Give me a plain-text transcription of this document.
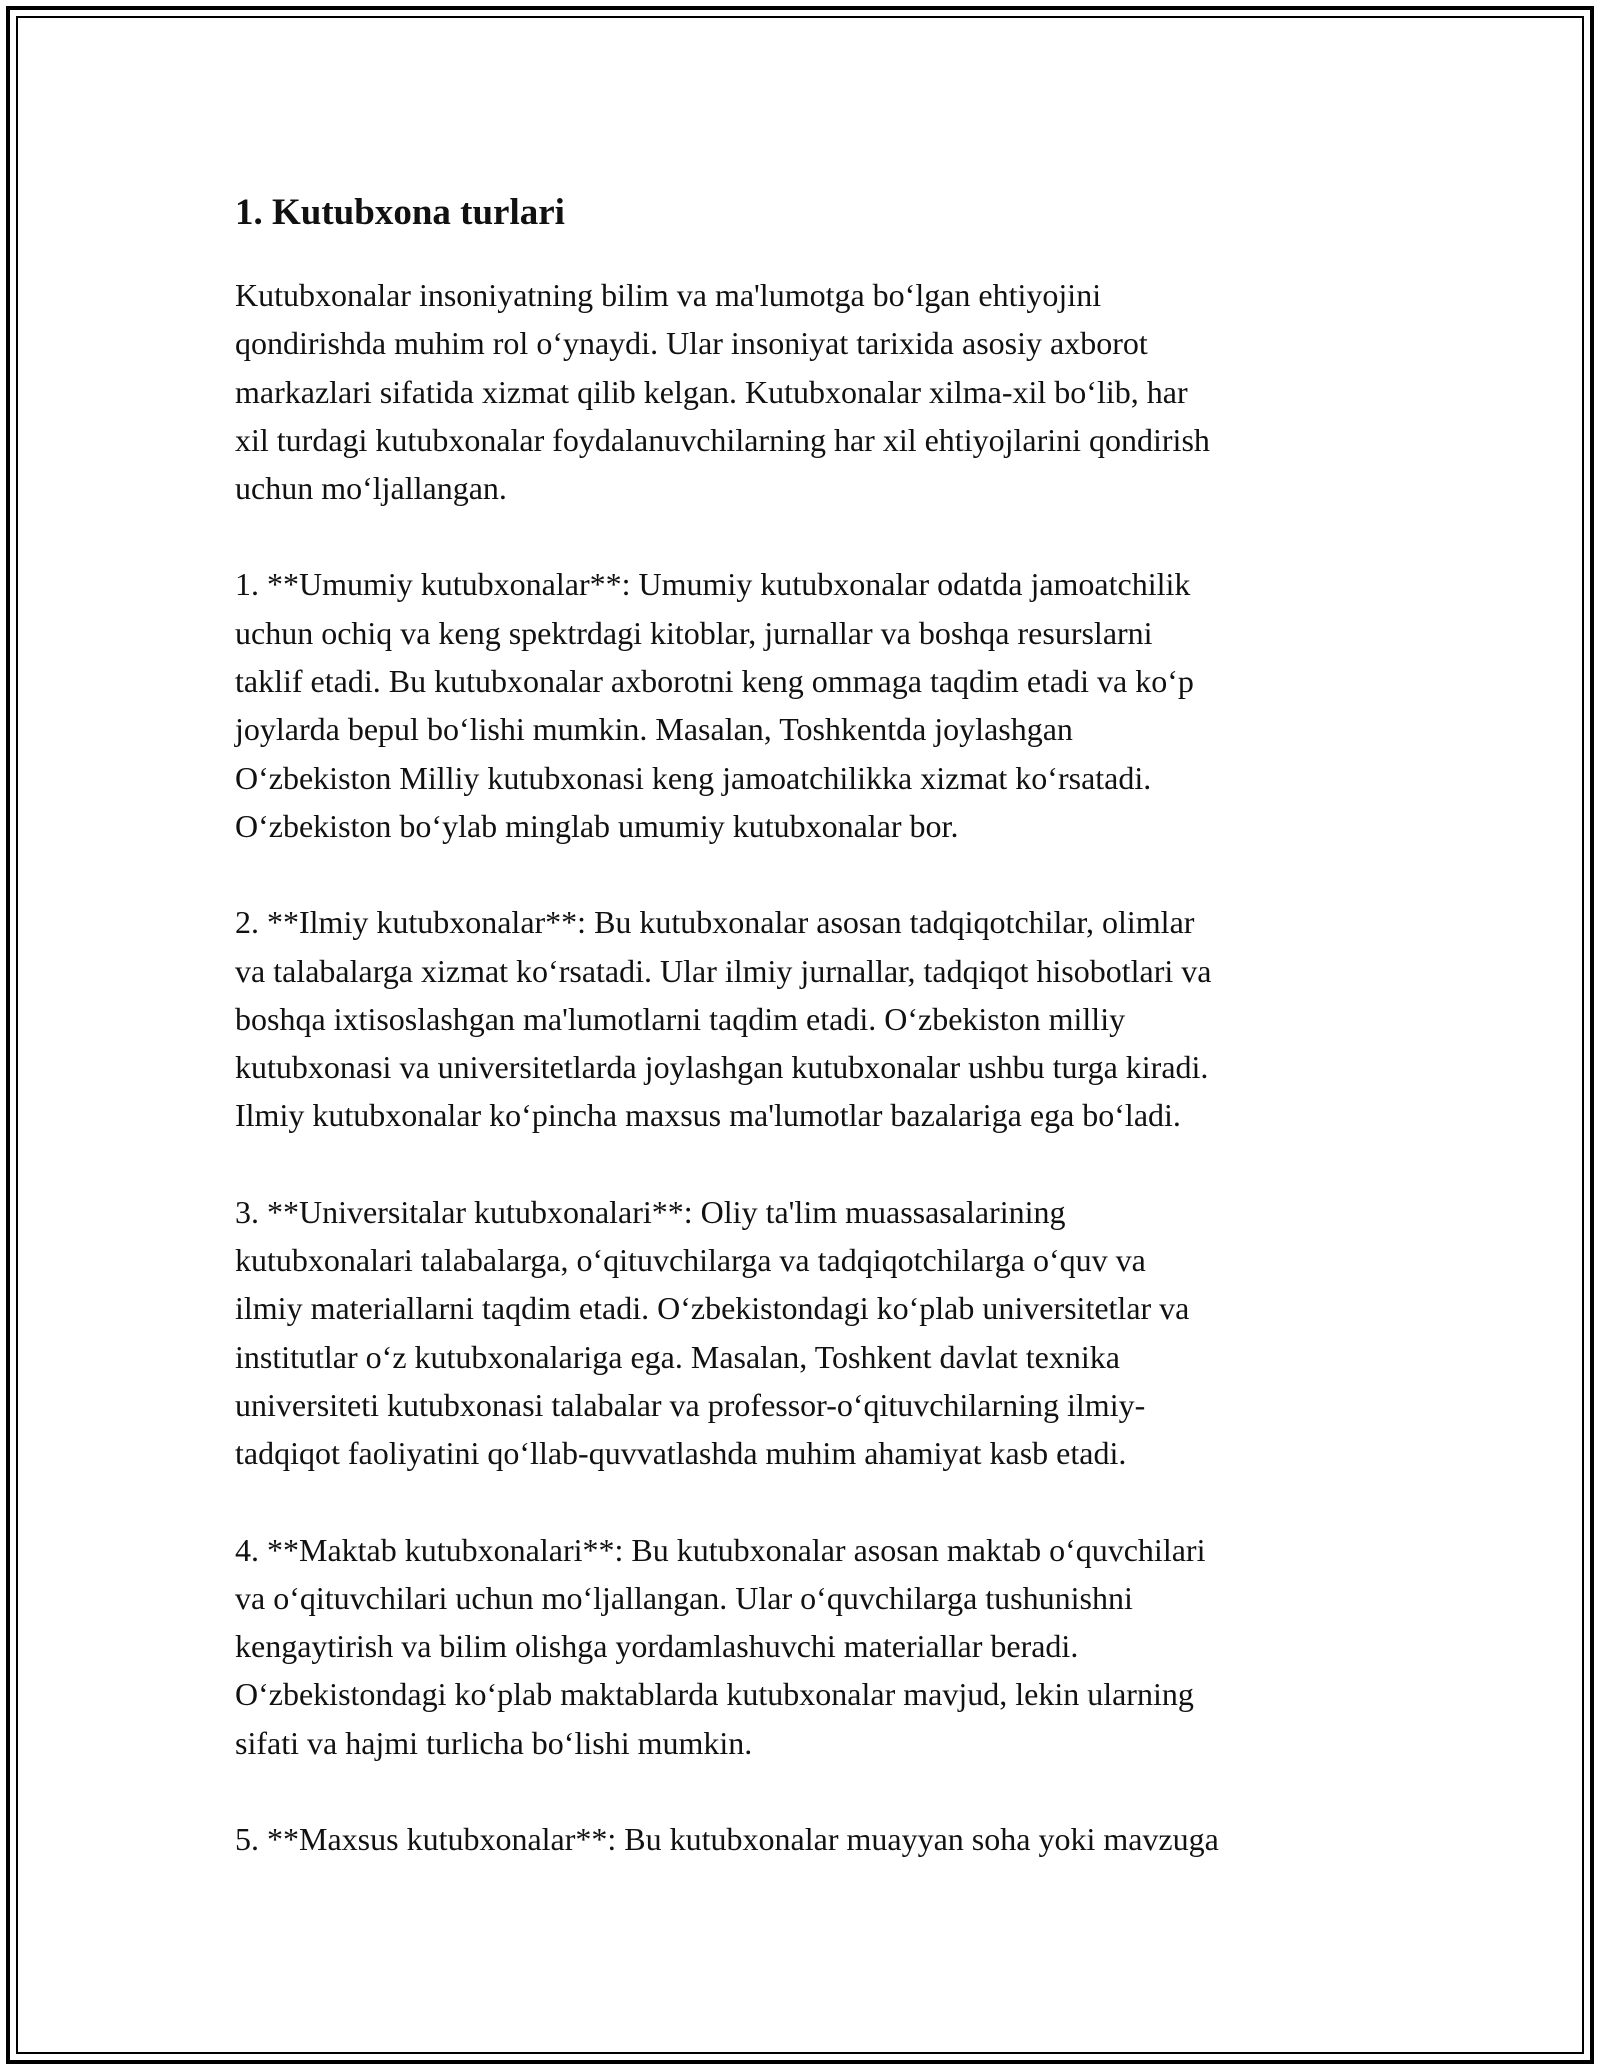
1. Kutubxona turlari

Kutubxonalar insoniyatning bilim va ma'lumotga bo‘lgan ehtiyojini
qondirishda muhim rol o‘ynaydi. Ular insoniyat tarixida asosiy axborot
markazlari sifatida xizmat qilib kelgan. Kutubxonalar xilma-xil bo‘lib, har
xil turdagi kutubxonalar foydalanuvchilarning har xil ehtiyojlarini qondirish
uchun mo‘ljallangan.

1. **Umumiy kutubxonalar**: Umumiy kutubxonalar odatda jamoatchilik
uchun ochiq va keng spektrdagi kitoblar, jurnallar va boshqa resurslarni
taklif etadi. Bu kutubxonalar axborotni keng ommaga taqdim etadi va ko‘p
joylarda bepul bo‘lishi mumkin. Masalan, Toshkentda joylashgan
O‘zbekiston Milliy kutubxonasi keng jamoatchilikka xizmat ko‘rsatadi.
O‘zbekiston bo‘ylab minglab umumiy kutubxonalar bor.

2. **Ilmiy kutubxonalar**: Bu kutubxonalar asosan tadqiqotchilar, olimlar
va talabalarga xizmat ko‘rsatadi. Ular ilmiy jurnallar, tadqiqot hisobotlari va
boshqa ixtisoslashgan ma'lumotlarni taqdim etadi. O‘zbekiston milliy
kutubxonasi va universitetlarda joylashgan kutubxonalar ushbu turga kiradi.
Ilmiy kutubxonalar ko‘pincha maxsus ma'lumotlar bazalariga ega bo‘ladi.

3. **Universitalar kutubxonalari**: Oliy ta'lim muassasalarining
kutubxonalari talabalarga, o‘qituvchilarga va tadqiqotchilarga o‘quv va
ilmiy materiallarni taqdim etadi. O‘zbekistondagi ko‘plab universitetlar va
institutlar o‘z kutubxonalariga ega. Masalan, Toshkent davlat texnika
universiteti kutubxonasi talabalar va professor-o‘qituvchilarning ilmiy-
tadqiqot faoliyatini qo‘llab-quvvatlashda muhim ahamiyat kasb etadi.

4. **Maktab kutubxonalari**: Bu kutubxonalar asosan maktab o‘quvchilari
va o‘qituvchilari uchun mo‘ljallangan. Ular o‘quvchilarga tushunishni
kengaytirish va bilim olishga yordamlashuvchi materiallar beradi.
O‘zbekistondagi ko‘plab maktablarda kutubxonalar mavjud, lekin ularning
sifati va hajmi turlicha bo‘lishi mumkin.

5. **Maxsus kutubxonalar**: Bu kutubxonalar muayyan soha yoki mavzuga
